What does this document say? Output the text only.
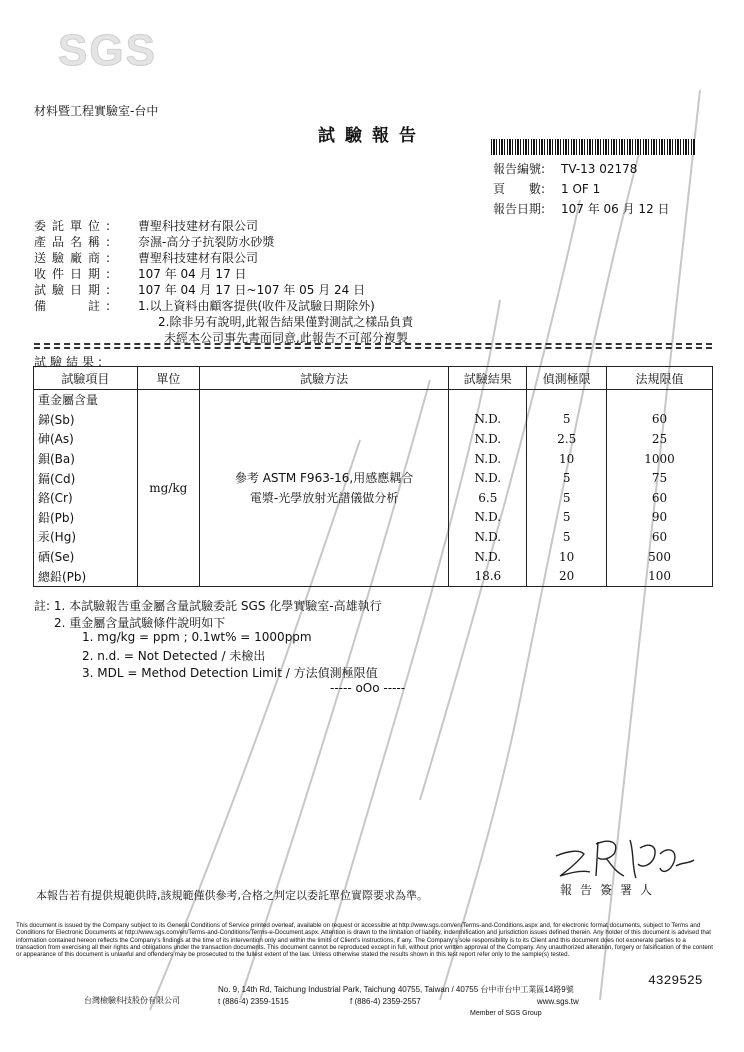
SGS
材料暨工程實驗室-台中
試驗報告
報告編號: TV-13 02178
頁　　數: 1 OF 1
報告日期: 107 年 06 月 12 日
委託單位: 曹聖科技建材有限公司
產品名稱: 奈濕-高分子抗裂防水砂漿
送驗廠商: 曹聖科技建材有限公司
收件日期: 107 年 04 月 17 日
試驗日期: 107 年 04 月 17 日~107 年 05 月 24 日
備　　註: 1.以上資料由顧客提供(收件及試驗日期除外)
2.除非另有說明,此報告結果僅對測試之樣品負責
未經本公司事先書面同意,此報告不可部分複製
試驗結果:
試驗項目	單位	試驗方法	試驗結果	偵測極限	法規限值
重金屬含量	mg/kg	參考 ASTM F963-16,用感應耦合
電漿-光學放射光譜儀做分析			

銻(Sb)			N.D.	5	60
砷(As)			N.D.	2.5	25
鋇(Ba)			N.D.	10	1000
鎘(Cd)			N.D.	5	75
鉻(Cr)			6.5	5	60
鉛(Pb)			N.D.	5	90
汞(Hg)			N.D.	5	60
硒(Se)			N.D.	10	500
總鉛(Pb)			18.6	20	100
註: 1. 本試驗報告重金屬含量試驗委託 SGS 化學實驗室-高雄執行
2. 重金屬含量試驗條件說明如下
1. mg/kg = ppm ; 0.1wt% = 1000ppm
2. n.d. = Not Detected / 未檢出
3. MDL = Method Detection Limit / 方法偵測極限值
----- oOo -----
本報告若有提供規範供時,該規範僅供參考,合格之判定以委託單位實際要求為準。	報告簽署人
This document is issued by the Company subject to its General Conditions of Service printed overleaf, available on request or accessible at http://www.sgs.com/en/Terms-and-Conditions.aspx and, for electronic format documents, subject to Terms and Conditions for Electronic Documents at http://www.sgs.com/en/Terms-and-Conditions/Terms-e-Document.aspx. Attention is drawn to the limitation of liability, indemnification and jurisdiction issues defined therein. Any holder of this document is advised that information contained hereon reflects the Company's findings at the time of its intervention only and within the limits of Client's instructions, if any. The Company's sole responsibility is to its Client and this document does not exonerate parties to a transaction from exercising all their rights and obligations under the transaction documents. This document cannot be reproduced except in full, without prior written approval of the Company. Any unauthorized alteration, forgery or falsification of the content or appearance of this document is unlawful and offenders may be prosecuted to the fullest extent of the law. Unless otherwise stated the results shown in this test report refer only to the sample(s) tested.
台灣檢驗科技股份有限公司
No. 9, 14th Rd, Taichung Industrial Park, Taichung 40755, Taiwan / 40755 台中市台中工業區14路9號
t (886-4) 2359-1515	f (886-4) 2359-2557	www.sgs.tw
Member of SGS Group
4329525
